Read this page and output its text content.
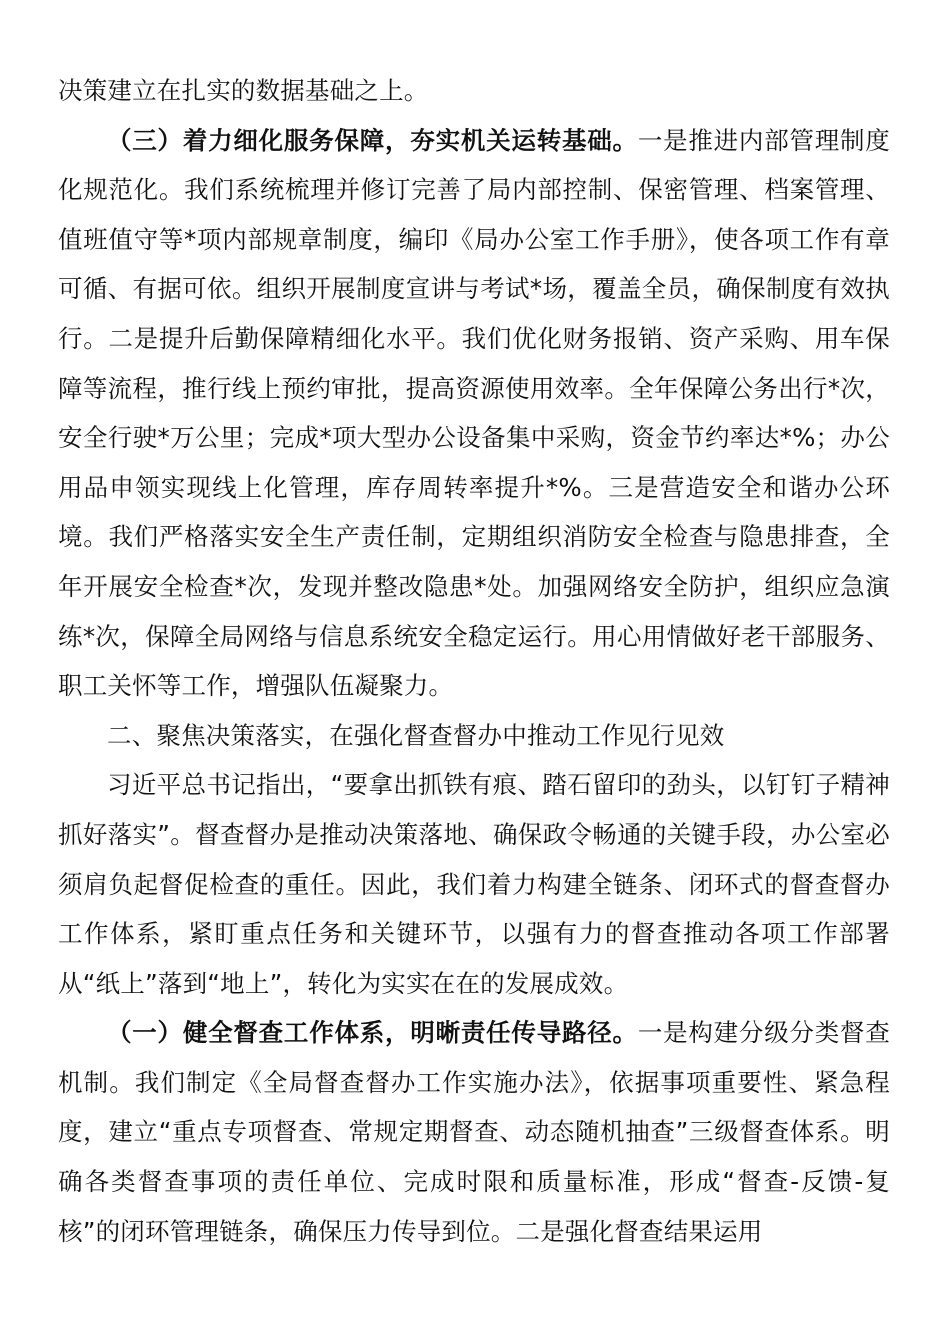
决策建立在扎实的数据基础之上。

（三）着力细化服务保障，夯实机关运转基础。一是推进内部管理制度化规范化。我们系统梳理并修订完善了局内部控制、保密管理、档案管理、值班值守等*项内部规章制度，编印《局办公室工作手册》，使各项工作有章可循、有据可依。组织开展制度宣讲与考试*场，覆盖全员，确保制度有效执行。二是提升后勤保障精细化水平。我们优化财务报销、资产采购、用车保障等流程，推行线上预约审批，提高资源使用效率。全年保障公务出行*次，安全行驶*万公里；完成*项大型办公设备集中采购，资金节约率达*%；办公用品申领实现线上化管理，库存周转率提升*%。三是营造安全和谐办公环境。我们严格落实安全生产责任制，定期组织消防安全检查与隐患排查，全年开展安全检查*次，发现并整改隐患*处。加强网络安全防护，组织应急演练*次，保障全局网络与信息系统安全稳定运行。用心用情做好老干部服务、职工关怀等工作，增强队伍凝聚力。

二、聚焦决策落实，在强化督查督办中推动工作见行见效

习近平总书记指出，“要拿出抓铁有痕、踏石留印的劲头，以钉钉子精神抓好落实”。督查督办是推动决策落地、确保政令畅通的关键手段，办公室必须肩负起督促检查的重任。因此，我们着力构建全链条、闭环式的督查督办工作体系，紧盯重点任务和关键环节，以强有力的督查推动各项工作部署从“纸上”落到“地上”，转化为实实在在的发展成效。

（一）健全督查工作体系，明晰责任传导路径。一是构建分级分类督查机制。我们制定《全局督查督办工作实施办法》，依据事项重要性、紧急程度，建立“重点专项督查、常规定期督查、动态随机抽查”三级督查体系。明确各类督查事项的责任单位、完成时限和质量标准，形成“督查-反馈-复核”的闭环管理链条，确保压力传导到位。二是强化督查结果运用
